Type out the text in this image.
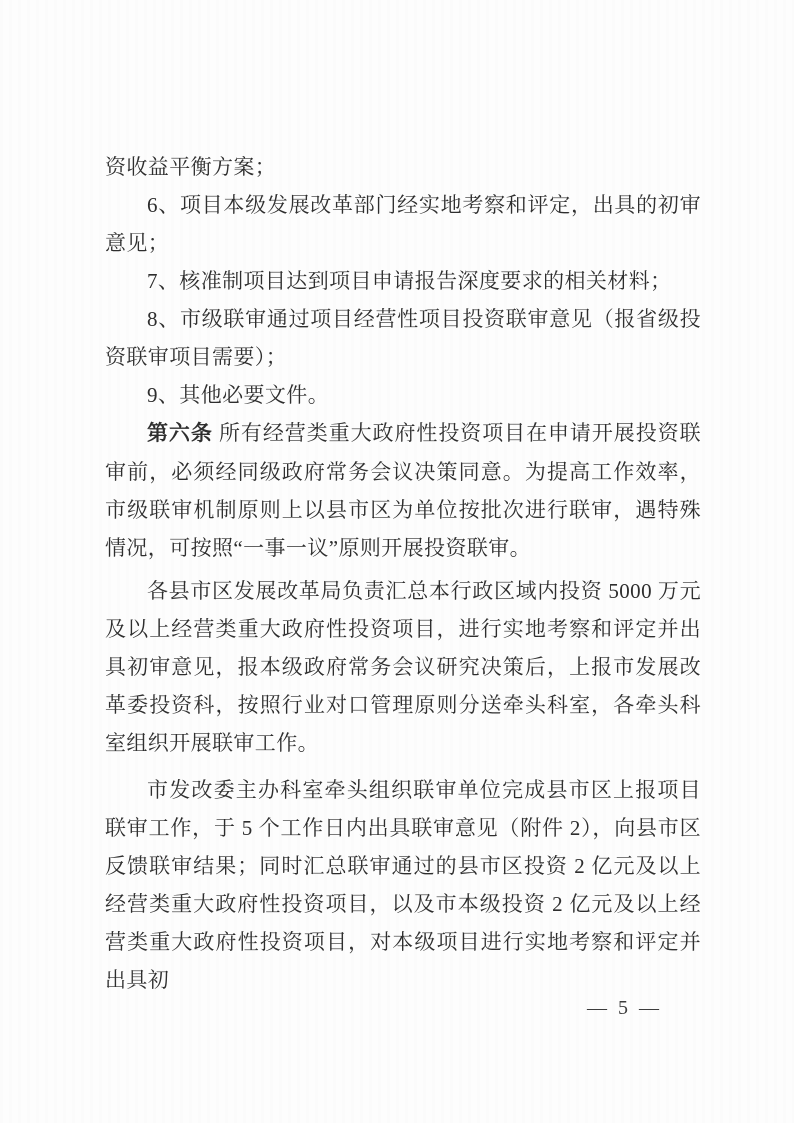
资收益平衡方案；

6、项目本级发展改革部门经实地考察和评定，出具的初审意见；

7、核准制项目达到项目申请报告深度要求的相关材料；

8、市级联审通过项目经营性项目投资联审意见（报省级投资联审项目需要）；

9、其他必要文件。

第六条 所有经营类重大政府性投资项目在申请开展投资联审前，必须经同级政府常务会议决策同意。为提高工作效率，市级联审机制原则上以县市区为单位按批次进行联审，遇特殊情况，可按照“一事一议”原则开展投资联审。

各县市区发展改革局负责汇总本行政区域内投资 5000 万元及以上经营类重大政府性投资项目，进行实地考察和评定并出具初审意见，报本级政府常务会议研究决策后，上报市发展改革委投资科，按照行业对口管理原则分送牵头科室，各牵头科室组织开展联审工作。

市发改委主办科室牵头组织联审单位完成县市区上报项目联审工作，于 5 个工作日内出具联审意见（附件 2），向县市区反馈联审结果；同时汇总联审通过的县市区投资 2 亿元及以上经营类重大政府性投资项目，以及市本级投资 2 亿元及以上经营类重大政府性投资项目，对本级项目进行实地考察和评定并出具初

— 5 —
